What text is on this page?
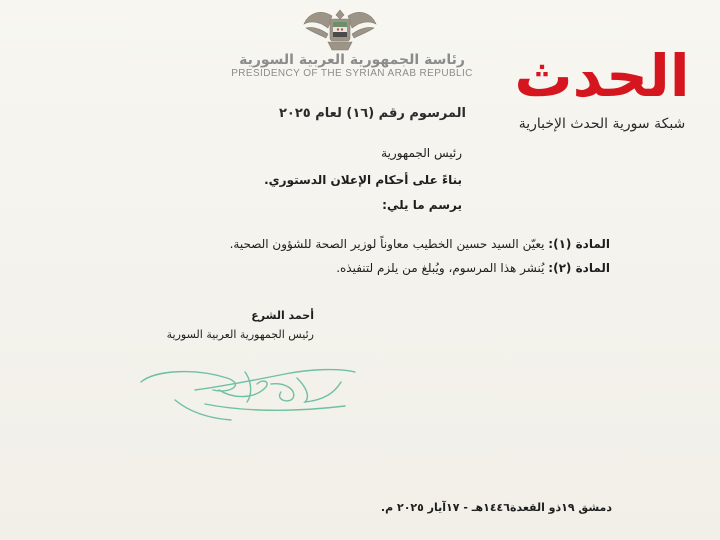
رئاسة الجمهورية العربية السورية
PRESIDENCY OF THE SYRIAN ARAB REPUBLIC الحدث
شبكة سورية الحدث الإخبارية
المرسوم رقم (١٦) لعام ٢٠٢٥
رئيس الجمهورية
بناءً على أحكام الإعلان الدستوري.
يرسم ما يلي:
المادة (١): يعيّن السيد حسين الخطيب معاوناً لوزير الصحة للشؤون الصحية.
المادة (٢): يُنشر هذا المرسوم، ويُبلغ من يلزم لتنفيذه.
أحمد الشرع
رئيس الجمهورية العربية السورية
دمشق ١٩ذو القعدة١٤٤٦هـ - ١٧آيار ٢٠٢٥ م.
